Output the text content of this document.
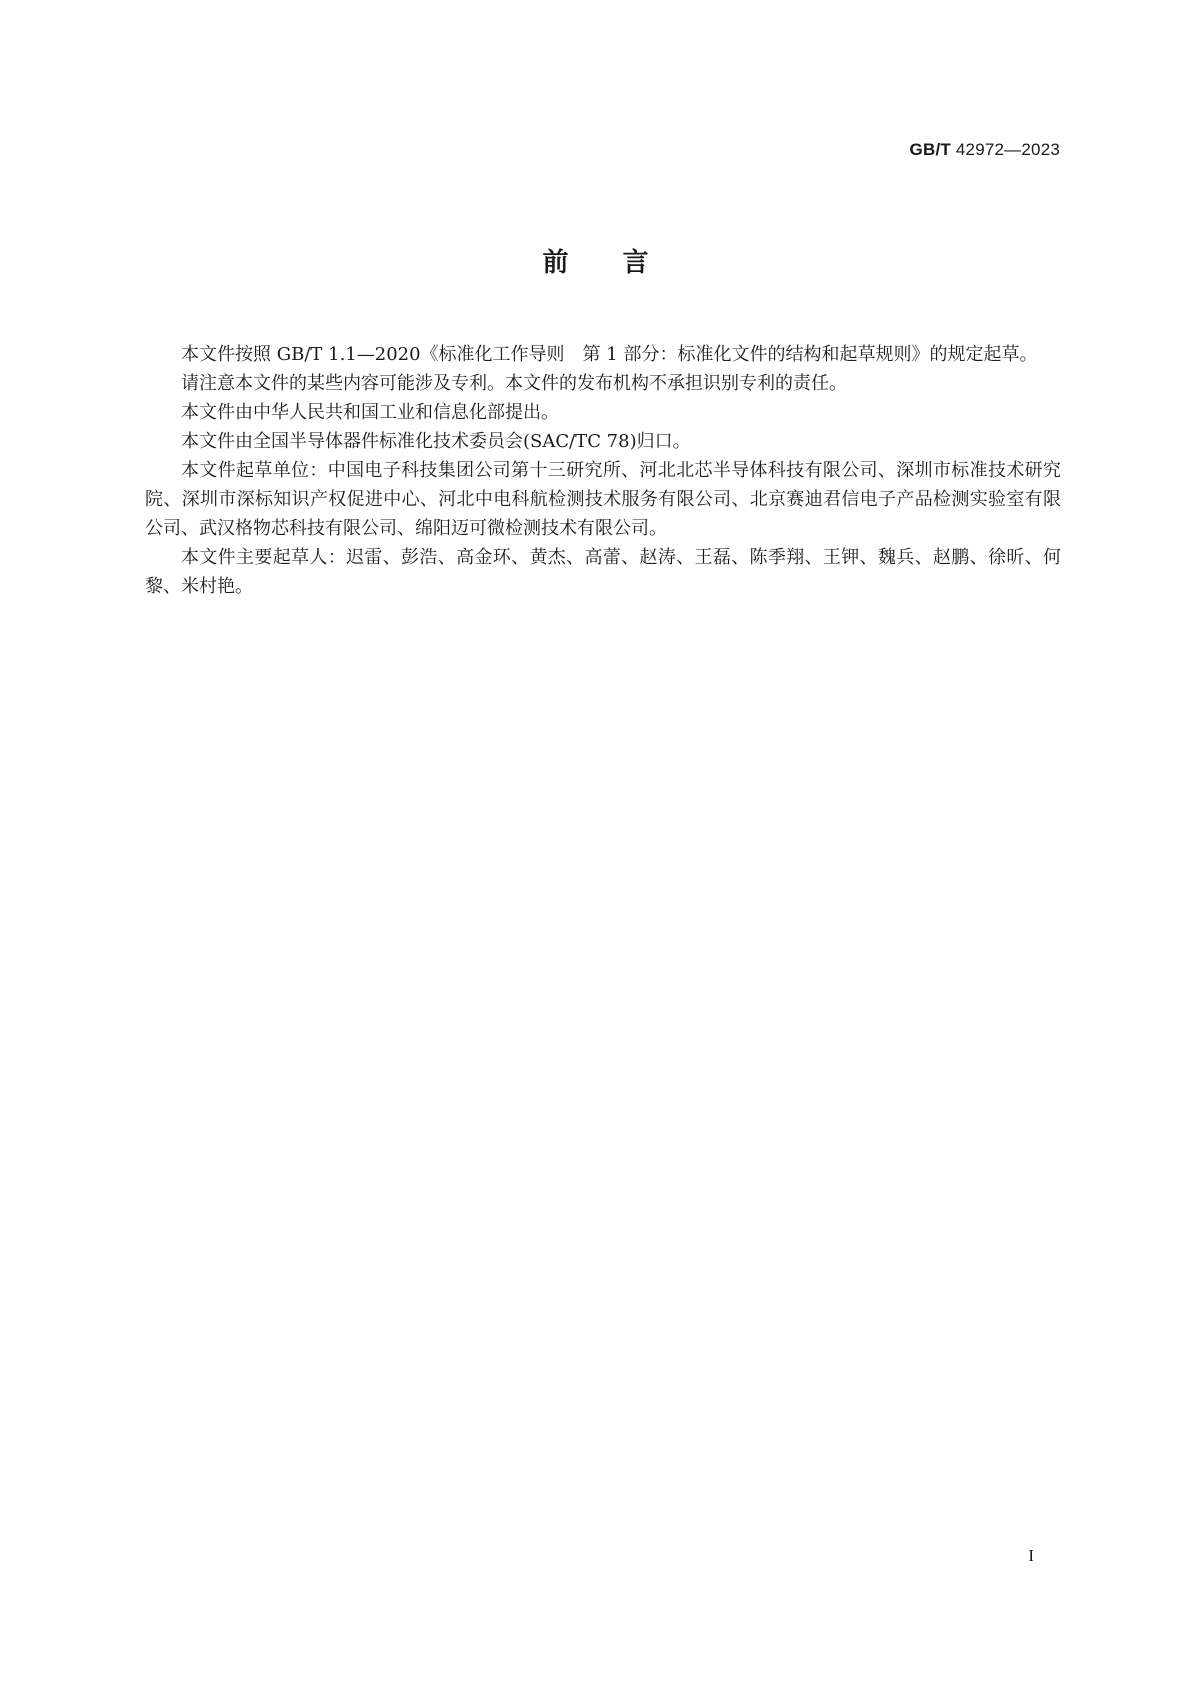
GB/T 42972—2023
前言

本文件按照 GB/T 1.1—2020《标准化工作导则　第 1 部分：标准化文件的结构和起草规则》的规定起草。

请注意本文件的某些内容可能涉及专利。本文件的发布机构不承担识别专利的责任。

本文件由中华人民共和国工业和信息化部提出。

本文件由全国半导体器件标准化技术委员会(SAC/TC 78)归口。

本文件起草单位：中国电子科技集团公司第十三研究所、河北北芯半导体科技有限公司、深圳市标准技术研究院、深圳市深标知识产权促进中心、河北中电科航检测技术服务有限公司、北京赛迪君信电子产品检测实验室有限公司、武汉格物芯科技有限公司、绵阳迈可微检测技术有限公司。

本文件主要起草人：迟雷、彭浩、高金环、黄杰、高蕾、赵涛、王磊、陈季翔、王钾、魏兵、赵鹏、徐昕、何黎、米村艳。

I
